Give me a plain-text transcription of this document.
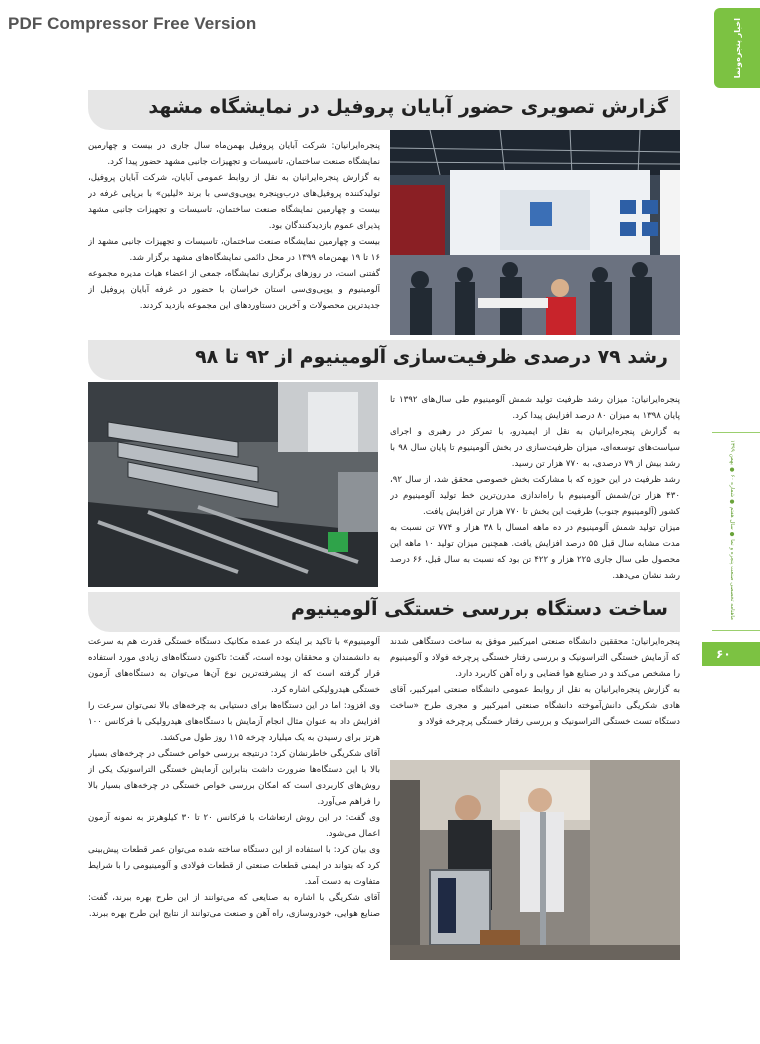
PDF Compressor Free Version	اخبار پنجره‌ونما
ماهنامه تخصصی صنعت پنجره و نما ● سال هفتم ● شماره ۶۰ ● بهمن ۱۳۹۹
۶۰
گزارش تصویری حضور آبایان پروفیل در نمایشگاه مشهد

پنجره‌ایرانیان: شرکت آبایان پروفیل بهمن‌ماه سال جاری در بیست و چهارمین نمایشگاه صنعت ساختمان، تاسیسات و تجهیزات جانبی مشهد حضور پیدا کرد.

به گزارش پنجره‌ایرانیان به نقل از روابط عمومی آبایان، شرکت آبایان پروفیل، تولیدکننده پروفیل‌های درب‌وپنجره یوپی‌وی‌سی با برند «لیلین» با برپایی غرفه در بیست و چهارمین نمایشگاه صنعت ساختمان، تاسیسات و تجهیزات جانبی مشهد پذیرای عموم بازدیدکنندگان بود.

بیست و چهارمین نمایشگاه صنعت ساختمان، تاسیسات و تجهیزات جانبی مشهد از ۱۶ تا ۱۹ بهمن‌ماه ۱۳۹۹ در محل دائمی نمایشگاه‌های مشهد برگزار شد.

گفتنی است، در روزهای برگزاری نمایشگاه، جمعی از اعضاء هیات مدیره مجموعه آلومینیوم و یوپی‌وی‌سی استان خراسان با حضور در غرفه آبایان پروفیل از جدیدترین محصولات و آخرین دستاوردهای این مجموعه بازدید کردند.

رشد ۷۹ درصدی ظرفیت‌سازی آلومینیوم از ۹۲ تا ۹۸

پنجره‌ایرانیان: میزان رشد ظرفیت تولید شمش آلومینیوم طی سال‌های ۱۳۹۲ تا پایان ۱۳۹۸ به میزان ۸۰ درصد افزایش پیدا کرد.

به گزارش پنجره‌ایرانیان به نقل از ایمیدرو، با تمرکز در رهبری و اجرای سیاست‌های توسعه‌ای، میزان ظرفیت‌سازی در بخش آلومینیوم تا پایان سال ۹۸ با رشد بیش از ۷۹ درصدی، به ۷۷۰ هزار تن رسید.

رشد ظرفیت در این حوزه که با مشارکت بخش خصوصی محقق شد، از سال ۹۲، ۴۳۰ هزار تن/شمش آلومینیوم با راه‌اندازی مدرن‌ترین خط تولید آلومینیوم در کشور (آلومینیوم جنوب) ظرفیت این بخش تا ۷۷۰ هزار تن افزایش یافت.

میزان تولید شمش آلومینیوم در ده ماهه امسال با ۳۸ هزار و ۷۷۴ تن نسبت به مدت مشابه سال قبل ۵۵ درصد افزایش یافت. همچنین میزان تولید ۱۰ ماهه این محصول طی سال جاری ۲۲۵ هزار و ۴۲۲ تن بود که نسبت به سال قبل، ۶۶ درصد رشد نشان می‌دهد.

ساخت دستگاه بررسی خستگی آلومینیوم

پنجره‌ایرانیان: محققین دانشگاه صنعتی امیرکبیر موفق به ساخت دستگاهی شدند که آزمایش خستگی التراسونیک و بررسی رفتار خستگی پرچرخه فولاد و آلومینیوم را مشخص می‌کند و در صنایع هوا فضایی و راه آهن کاربرد دارد.

به گزارش پنجره‌ایرانیان به نقل از روابط عمومی دانشگاه صنعتی امیرکبیر، آقای هادی شکریگی دانش‌آموخته دانشگاه صنعتی امیرکبیر و مجری طرح «ساخت دستگاه تست خستگی التراسونیک و بررسی رفتار خستگی پرچرخه فولاد و

آلومینیوم» با تاکید بر اینکه در عمده مکانیک دستگاه خستگی قدرت هم به سرعت به دانشمندان و محققان بوده است، گفت: تاکنون دستگاه‌های زیادی مورد استفاده قرار گرفته است که از پیشرفته‌ترین نوع آن‌ها می‌توان به دستگاه‌های آزمون خستگی هیدرولیکی اشاره کرد.

وی افزود: اما در این دستگاه‌ها برای دستیابی به چرخه‌های بالا نمی‌توان سرعت را افزایش داد به عنوان مثال انجام آزمایش با دستگاه‌های هیدرولیکی با فرکانس ۱۰۰ هرتز برای رسیدن به یک میلیارد چرخه ۱۱۵ روز طول می‌کشد.

آقای شکریگی خاطرنشان کرد: درنتیجه بررسی خواص خستگی در چرخه‌های بسیار بالا با این دستگاه‌ها ضرورت داشت بنابراین آزمایش خستگی التراسونیک یکی از روش‌های کاربردی است که امکان بررسی خواص خستگی در چرخه‌های بسیار بالا را فراهم می‌آورد.

وی گفت: در این روش ارتعاشات با فرکانس ۲۰ تا ۳۰ کیلوهرتز به نمونه آزمون اعمال می‌شود.

وی بیان کرد: با استفاده از این دستگاه ساخته شده می‌توان عمر قطعات پیش‌بینی کرد که بتواند در ایمنی قطعات صنعتی از قطعات فولادی و آلومینیومی را با شرایط متفاوت به دست آمد.

آقای شکریگی با اشاره به صنایعی که می‌توانند از این طرح بهره ببرند، گفت: صنایع هوایی، خودروسازی، راه آهن و صنعت می‌توانند از نتایج این طرح بهره ببرند.
